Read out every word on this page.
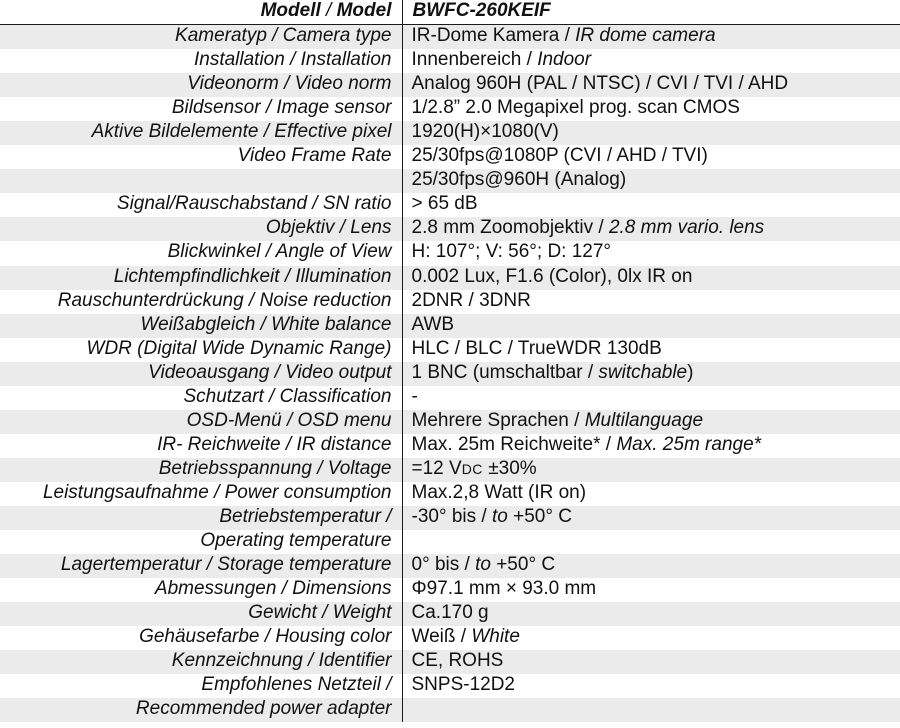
Modell / Model	BWFC-260KEIF
Kameratyp / Camera type	IR-Dome Kamera / IR dome camera
Installation / Installation	Innenbereich / Indoor
Videonorm / Video norm	Analog 960H (PAL / NTSC) / CVI / TVI / AHD
Bildsensor / Image sensor	1/2.8” 2.0 Megapixel prog. scan CMOS
Aktive Bildelemente / Effective pixel	1920(H)×1080(V)
Video Frame Rate	25/30fps@1080P (CVI / AHD / TVI)
	25/30fps@960H (Analog)
Signal/Rauschabstand / SN ratio	> 65 dB
Objektiv / Lens	2.8 mm Zoomobjektiv / 2.8 mm vario. lens
Blickwinkel / Angle of View	H: 107°; V: 56°; D: 127°
Lichtempfindlichkeit / Illumination	0.002 Lux, F1.6 (Color), 0lx IR on
Rauschunterdrückung / Noise reduction	2DNR / 3DNR
Weißabgleich / White balance	AWB
WDR (Digital Wide Dynamic Range)	HLC / BLC / TrueWDR 130dB
Videoausgang / Video output	1 BNC (umschaltbar / switchable)
Schutzart / Classification	-
OSD-Menü / OSD menu	Mehrere Sprachen / Multilanguage
IR- Reichweite / IR distance	Max. 25m Reichweite* / Max. 25m range*
Betriebsspannung / Voltage	=12 VDC ±30%
Leistungsaufnahme / Power consumption	Max.2,8 Watt (IR on)
Betriebstemperatur /	-30° bis / to +50° C
Operating temperature	
Lagertemperatur / Storage temperature	0° bis / to +50° C
Abmessungen / Dimensions	Φ97.1 mm × 93.0 mm
Gewicht / Weight	Ca.170 g
Gehäusefarbe / Housing color	Weiß / White
Kennzeichnung / Identifier	CE, ROHS
Empfohlenes Netzteil /	SNPS-12D2
Recommended power adapter	
